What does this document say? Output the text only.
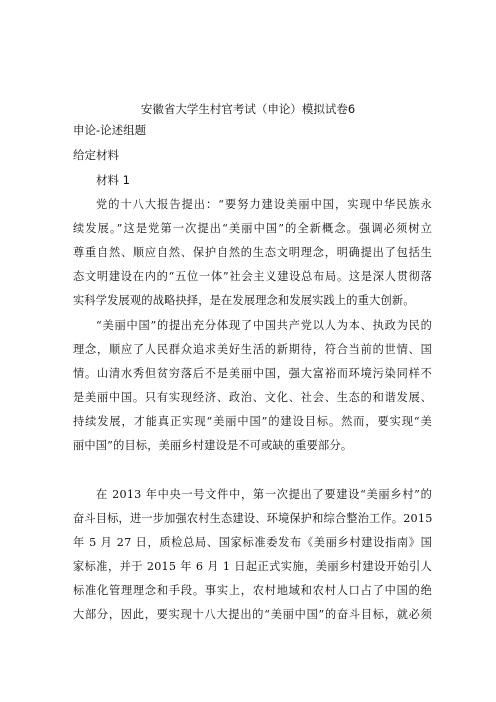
安徽省大学生村官考试（申论）模拟试卷6
申论-论述组题
给定材料
材料 1
党的十八大报告提出：“要努力建设美丽中国，实现中华民族永
续发展。”这是党第一次提出“美丽中国”的全新概念。强调必须树立
尊重自然、顺应自然、保护自然的生态文明理念，明确提出了包括生
态文明建设在内的“五位一体”社会主义建设总布局。这是深人贯彻落
实科学发展观的战略抉择，是在发展理念和发展实践上的重大创新。
“美丽中国”的提出充分体现了中国共产党以人为本、执政为民的
理念，顺应了人民群众追求美好生活的新期待，符合当前的世情、国
情。山清水秀但贫穷落后不是美丽中国，强大富裕而环境污染同样不
是美丽中国。只有实现经济、政治、文化、社会、生态的和谐发展、
持续发展，才能真正实现“美丽中国”的建设目标。然而，要实现“美
丽中国”的目标，美丽乡村建设是不可或缺的重要部分。
在 2013 年中央一号文件中，第一次提出了要建设“美丽乡村”的
奋斗目标，进一步加强农村生态建设、环境保护和综合整治工作。2015
年 5 月 27 日，质检总局、国家标准委发布《美丽乡村建设指南》国
家标准，并于 2015 年 6 月 1 日起正式实施，美丽乡村建设开始引人
标准化管理理念和手段。事实上，农村地域和农村人口占了中国的绝
大部分，因此，要实现十八大提出的“美丽中国”的奋斗目标，就必须
